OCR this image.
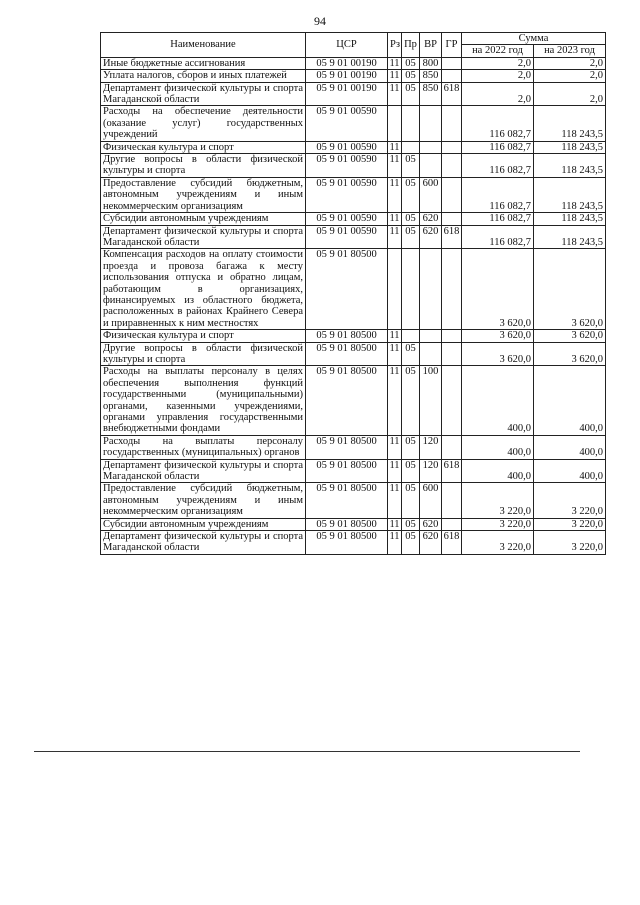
94
Наименование	ЦСР	Рз	Пр	ВР	ГР	Сумма	
						на 2022 год	на 2023 год
Иные бюджетные ассигнования	05 9 01 00190	11	05	800		2,0	2,0
Уплата налогов, сборов и иных платежей	05 9 01 00190	11	05	850		2,0	2,0
Департамент физической культуры и спорта Магаданской области	05 9 01 00190	11	05	850	618	2,0	2,0
Расходы на обеспечение деятельности (оказание услуг) государственных учреждений	05 9 01 00590					116 082,7	118 243,5
Физическая культура и спорт	05 9 01 00590	11				116 082,7	118 243,5
Другие вопросы в области физической культуры и спорта	05 9 01 00590	11	05			116 082,7	118 243,5
Предоставление субсидий бюджетным, автономным учреждениям и иным некоммерческим организациям	05 9 01 00590	11	05	600		116 082,7	118 243,5
Субсидии автономным учреждениям	05 9 01 00590	11	05	620		116 082,7	118 243,5
Департамент физической культуры и спорта Магаданской области	05 9 01 00590	11	05	620	618	116 082,7	118 243,5
Компенсация расходов на оплату стоимости проезда и провоза багажа к месту использования отпуска и обратно лицам, работающим в организациях, финансируемых из областного бюджета, расположенных в районах Крайнего Севера и приравненных к ним местностях	05 9 01 80500					3 620,0	3 620,0
Физическая культура и спорт	05 9 01 80500	11				3 620,0	3 620,0
Другие вопросы в области физической культуры и спорта	05 9 01 80500	11	05			3 620,0	3 620,0
Расходы на выплаты персоналу в целях обеспечения выполнения функций государственными (муниципальными) органами, казенными учреждениями, органами управления государственными внебюджетными фондами	05 9 01 80500	11	05	100		400,0	400,0
Расходы на выплаты персоналу государственных (муниципальных) органов	05 9 01 80500	11	05	120		400,0	400,0
Департамент физической культуры и спорта Магаданской области	05 9 01 80500	11	05	120	618	400,0	400,0
Предоставление субсидий бюджетным, автономным учреждениям и иным некоммерческим организациям	05 9 01 80500	11	05	600		3 220,0	3 220,0
Субсидии автономным учреждениям	05 9 01 80500	11	05	620		3 220,0	3 220,0
Департамент физической культуры и спорта Магаданской области	05 9 01 80500	11	05	620	618	3 220,0	3 220,0
